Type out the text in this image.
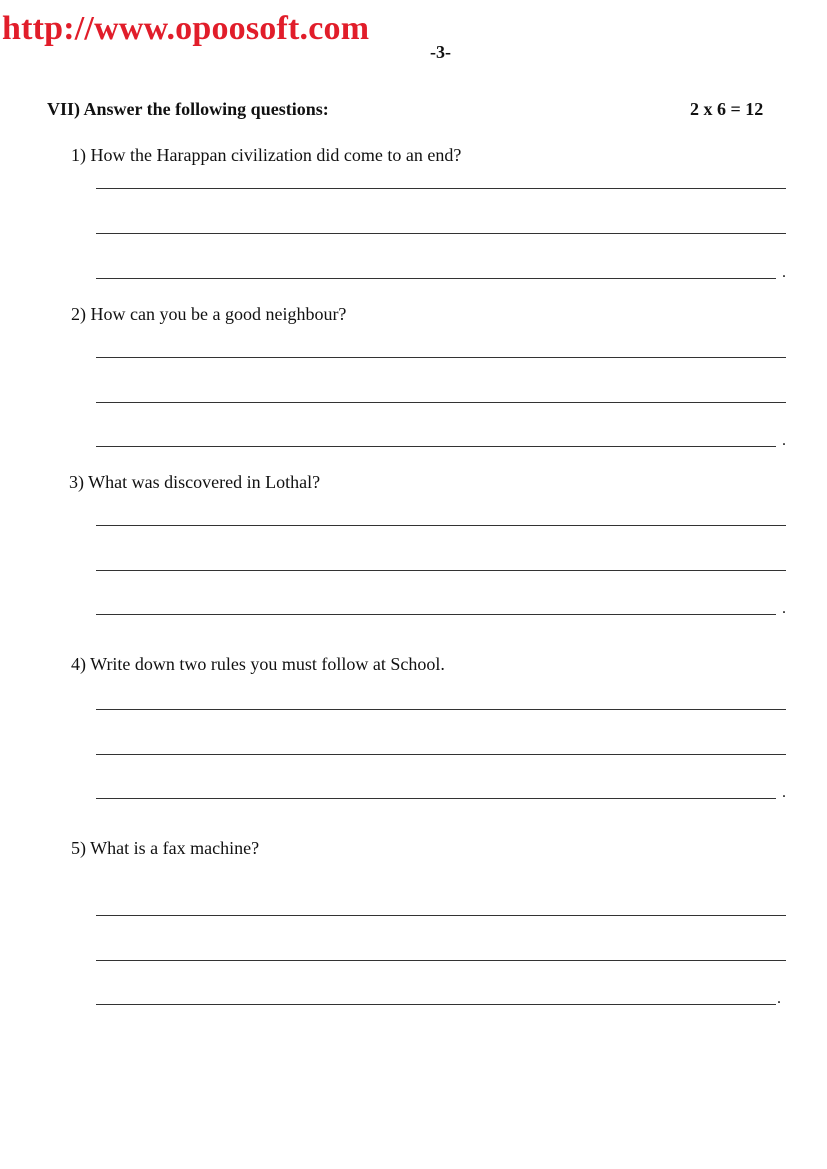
http://www.opoosoft.com
-3-
VII) Answer the following questions:	2 x 6 = 12
1) How the Harappan civilization did come to an end?
.
2) How can you be a good neighbour?
.
3) What was discovered in Lothal?
.
4) Write down two rules you must follow at School.
.
5) What is a fax machine?
.
